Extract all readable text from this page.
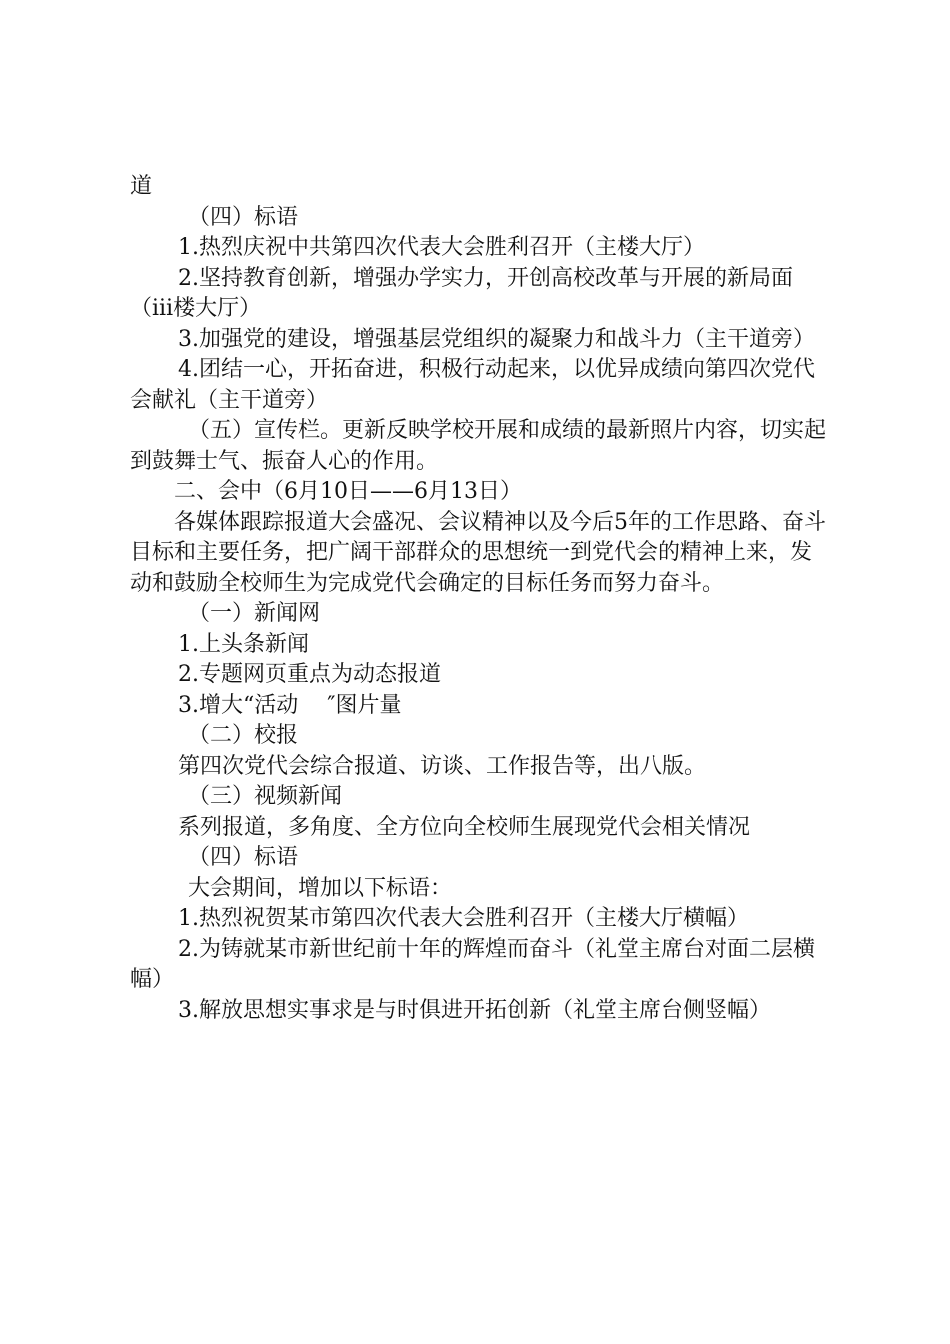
道

（四）标语

1.热烈庆祝中共第四次代表大会胜利召开（主楼大厅）

2.坚持教育创新，增强办学实力，开创高校改革与开展的新局面（ⅲ楼大厅）

3.加强党的建设，增强基层党组织的凝聚力和战斗力（主干道旁）

4.团结一心，开拓奋进，积极行动起来，以优异成绩向第四次党代会献礼（主干道旁）

（五）宣传栏。更新反映学校开展和成绩的最新照片内容，切实起到鼓舞士气、振奋人心的作用。

二、会中（6月10日——6月13日）

各媒体跟踪报道大会盛况、会议精神以及今后5年的工作思路、奋斗目标和主要任务，把广阔干部群众的思想统一到党代会的精神上来，发动和鼓励全校师生为完成党代会确定的目标任务而努力奋斗。

（一）新闻网

1.上头条新闻

2.专题网页重点为动态报道

3.增大“活动　 ″图片量

（二）校报

第四次党代会综合报道、访谈、工作报告等，出八版。

（三）视频新闻

系列报道，多角度、全方位向全校师生展现党代会相关情况

（四）标语

大会期间，增加以下标语：

1.热烈祝贺某市第四次代表大会胜利召开（主楼大厅横幅）

2.为铸就某市新世纪前十年的辉煌而奋斗（礼堂主席台对面二层横幅）

3.解放思想实事求是与时俱进开拓创新（礼堂主席台侧竖幅）
